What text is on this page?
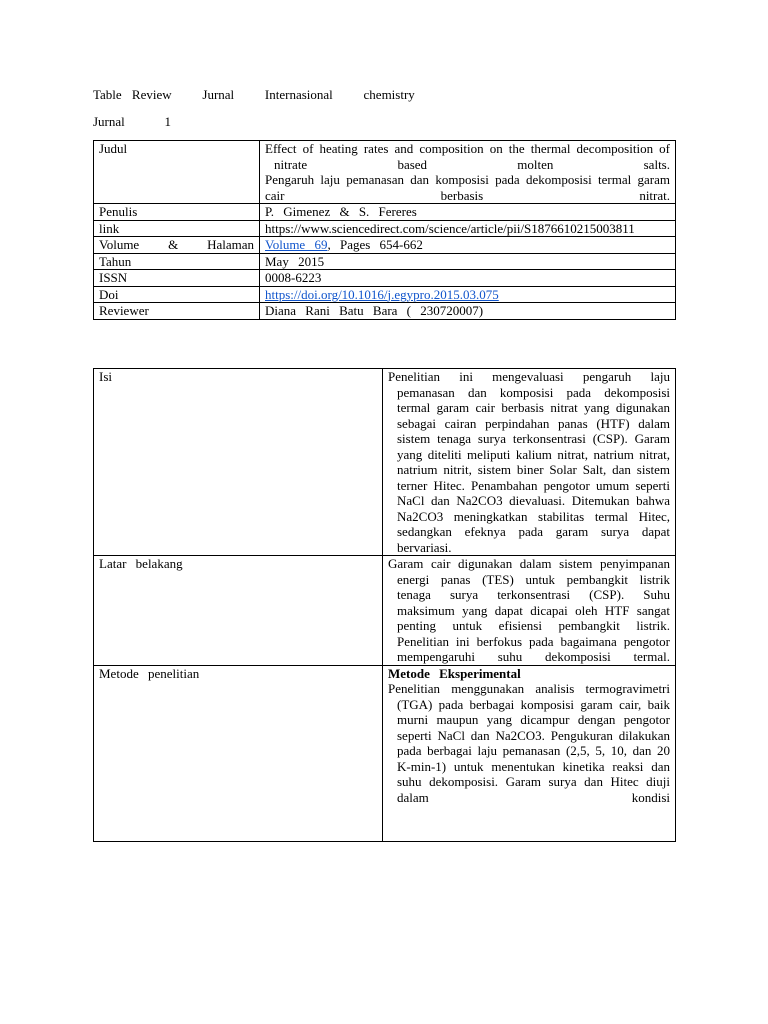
Table Review   Jurnal   Internasional   chemistry
Jurnal   1
Judul	Effect of heating rates and composition on the thermal decomposition of nitrate based molten salts.
Pengaruh laju pemanasan dan komposisi pada dekomposisi termal garam cair berbasis nitrat.

Penulis	P. Gimenez & S. Fereres
link	https://www.sciencedirect.com/science/article/pii/S1876610215003811
Volume & Halaman	Volume 69, Pages 654-662
Tahun	May 2015
ISSN	0008-6223
Doi	https://doi.org/10.1016/j.egypro.2015.03.075
Reviewer	Diana Rani Batu Bara ( 230720007)
Isi	Penelitian ini mengevaluasi pengaruh laju pemanasan dan komposisi pada dekomposisi termal garam cair berbasis nitrat yang digunakan sebagai cairan perpindahan panas (HTF) dalam sistem tenaga surya terkonsentrasi (CSP). Garam yang diteliti meliputi kalium nitrat, natrium nitrat, natrium nitrit, sistem biner Solar Salt, dan sistem terner Hitec. Penambahan pengotor umum seperti NaCl dan Na2CO3 dievaluasi. Ditemukan bahwa Na2CO3 meningkatkan stabilitas termal Hitec, sedangkan efeknya pada garam surya dapat bervariasi.

Latar belakang	Garam cair digunakan dalam sistem penyimpanan energi panas (TES) untuk pembangkit listrik tenaga surya terkonsentrasi (CSP). Suhu maksimum yang dapat dicapai oleh HTF sangat penting untuk efisiensi pembangkit listrik. Penelitian ini berfokus pada bagaimana pengotor mempengaruhi suhu dekomposisi termal.

Metode penelitian	Metode Eksperimental
Penelitian menggunakan analisis termogravimetri (TGA) pada berbagai komposisi garam cair, baik murni maupun yang dicampur dengan pengotor seperti NaCl dan Na2CO3. Pengukuran dilakukan pada berbagai laju pemanasan (2,5, 5, 10, dan 20 K-min-1) untuk menentukan kinetika reaksi dan suhu dekomposisi. Garam surya dan Hitec diuji dalam kondisi
